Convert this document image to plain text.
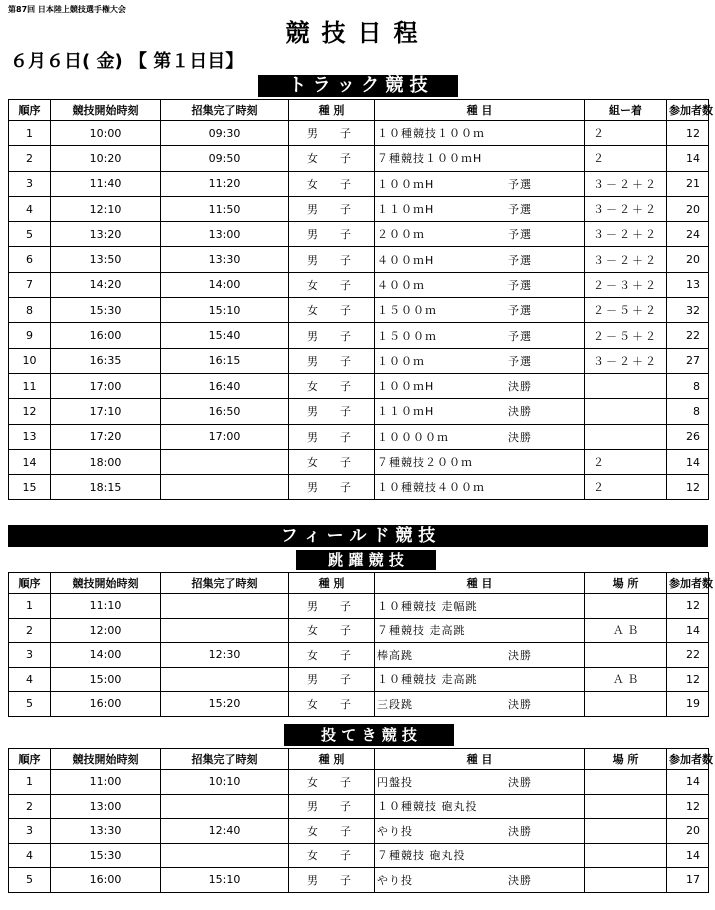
第87回 日本陸上競技選手権大会
競技日程
６月６日( 金) 【 第１日目】
ト ラ ッ ク 競 技
順序	競技開始時刻	招集完了時刻	種 別	種 目	組ー着	参加者数
1	10:00	09:30	男子	１０種競技１００ｍ	２	12
2	10:20	09:50	女子	７種競技１００ｍH	２	14
3	11:40	11:20	女子	１００ｍH 予選	３－２＋２	21
4	12:10	11:50	男子	１１０ｍH 予選	３－２＋２	20
5	13:20	13:00	男子	２００ｍ 予選	３－２＋２	24
6	13:50	13:30	男子	４００ｍH 予選	３－２＋２	20
7	14:20	14:00	女子	４００ｍ 予選	２－３＋２	13
8	15:30	15:10	女子	１５００ｍ 予選	２－５＋２	32
9	16:00	15:40	男子	１５００ｍ 予選	２－５＋２	22
10	16:35	16:15	男子	１００ｍ 予選	３－２＋２	27
11	17:00	16:40	女子	１００ｍH 決勝		8
12	17:10	16:50	男子	１１０ｍH 決勝		8
13	17:20	17:00	男子	１００００ｍ 決勝		26
14	18:00		女子	７種競技２００ｍ	２	14
15	18:15		男子	１０種競技４００ｍ	２	12
フ ィ ー ル ド 競 技
跳 躍 競 技
順序	競技開始時刻	招集完了時刻	種 別	種 目	場 所	参加者数
1	11:10		男子	１０種競技 走幅跳		12
2	12:00		女子	７種競技 走高跳	Ａ Ｂ	14
3	14:00	12:30	女子	棒高跳 決勝		22
4	15:00		男子	１０種競技 走高跳	Ａ Ｂ	12
5	16:00	15:20	女子	三段跳 決勝		19
投 て き 競 技
順序	競技開始時刻	招集完了時刻	種 別	種 目	場 所	参加者数
1	11:00	10:10	女子	円盤投 決勝		14
2	13:00		男子	１０種競技 砲丸投		12
3	13:30	12:40	女子	やり投 決勝		20
4	15:30		女子	７種競技 砲丸投		14
5	16:00	15:10	男子	やり投 決勝		17
